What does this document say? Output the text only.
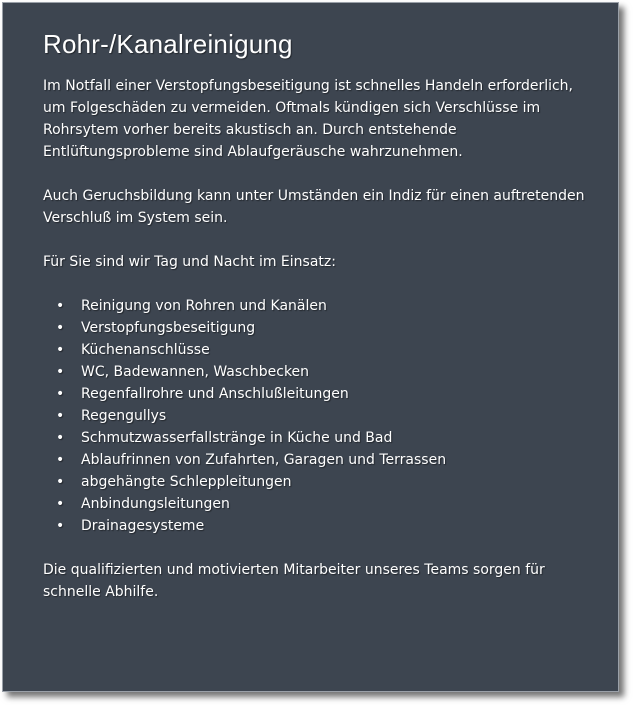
Rohr-/Kanalreinigung

Im Notfall einer Verstopfungsbeseitigung ist schnelles Handeln erforderlich, um Folgeschäden zu vermeiden. Oftmals kündigen sich Verschlüsse im Rohrsytem vorher bereits akustisch an. Durch entstehende Entlüftungsprobleme sind Ablaufgeräusche wahrzunehmen.

Auch Geruchsbildung kann unter Umständen ein Indiz für einen auftretenden Verschluß im System sein.

Für Sie sind wir Tag und Nacht im Einsatz:

• Reinigung von Rohren und Kanälen
• Verstopfungsbeseitigung
• Küchenanschlüsse
• WC, Badewannen, Waschbecken
• Regenfallrohre und Anschlußleitungen
• Regengullys
• Schmutzwasserfallstränge in Küche und Bad
• Ablaufrinnen von Zufahrten, Garagen und Terrassen
• abgehängte Schleppleitungen
• Anbindungsleitungen
• Drainagesysteme

Die qualifizierten und motivierten Mitarbeiter unseres Teams sorgen für schnelle Abhilfe.
